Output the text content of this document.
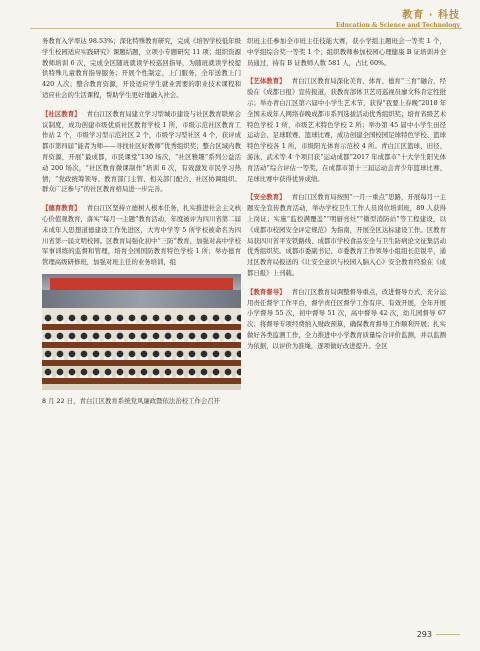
教育 · 科技
Education & Science and Technology

务教育入学率达 98.53%；深化特殊教育研究，完成《培智学校低年级学生校园适应实践研究》课题结题，立项小专题研究 11 项；组织资源教师培训 6 次，完成全区随班就读学校巡回指导，为随班就读学校提供特殊儿童教育指导服务；开展个性制定、上门服务，全年送教上门 420 人次；整合教育资源，开设适应学生就业需要的职业技术课程和适应社会的生活课程，帮助学生更好地融入社会。

【社区教育】 青白江区教育局建立学习型城市建设与社区教育联席会议制度，成功创建市级优质社区教育学校 1 所，市级示范社区教育工作站 2 个，市级学习型示范社区 2 个，市级学习型社区 4 个，获评成都市第四届“能者为师——寻找社区好教师”优秀组织奖；整合区域内教育资源，开展“最成都，市民课堂”130 场次，“社区雅趣”系列公益活动 200 场次，“社区教育微课制作”培训 6 次，有效激发市民学习热情，“党政统筹领导、教育部门主管、相关部门配合、社区协调组织、群众广泛参与”的社区教育格局进一步完善。

【德育教育】 青白江区坚持立德树人根本任务，扎实推进社会主义核心价值观教育，落实“每月一主题”教育活动，年度被评为四川省第二届未成年人思想道德建设工作先进区，大弯中学等 5 所学校被命名为四川省第一届文明校园。区教育局强化初中“三防”教育，加强对高中学校军事训练的监督和管理，培育全国国防教育特色学校 1 所；举办德育管理高级研修班，加强对班主任的业务培训，组

8 月 22 日，青白江区教育系统党风廉政暨依法治校工作会召开

织班主任参加全市班主任技能大赛，获小学组主题班会一等奖 1 个，中学组综合奖一等奖 1 个；组织教师参加校园心理健康 B 证培训并全员通过，持有 B 证教师人数 581 人，占比 60%。

【艺体教育】 青白江区教育局深化美育、体育、德育“三育”融合，经验在《成都日报》宣传报道，获教育部体卫艺司巡视员廖文科肯定性批示；举办青白江区第六届中小学生艺术节，获得“我要上春晚”2018 年全国未成年人网络春晚成都市系列选拔活动优秀组织奖；培育省级艺术特色学校 1 所，市级艺术特色学校 2 所；举办第 45 届中小学生田径运动会、足球联赛、篮球比赛，成功创建全国校园足球特色学校、篮球特色学校各 1 所，市级阳光体育示范校 4 所。青白江区篮球、田径、游泳、武术等 4 个项目获“运动成都”2017 年成都市“十大学生阳光体育活动”综合评估一等奖，在成都市第十三届运动会青少年篮球比赛、足球比赛中获得优异成绩。

【安全教育】 青白江区教育局按照“一月一重点”思路，开展每月一主题安全宣传教育活动，举办学校卫生工作人员岗位培训班，89 人获得上岗证；实施“监控满覆盖”“明厨亮灶”“微型消防站”等工程建设，以《成都市校园安全评定规范》为指南，开展全区达标建设工作。区教育局获四川省平安铁路线、成都市学校食品安全与卫生防病论文征集活动优秀组织奖。成都市委副书记、市委教育工作领导小组组长范锐平，通过区教育局报送的《让安全意识与校园入脑入心》安全教育经验在《成都日报》上刊载。

【教育督导】 青白江区教育局调整督导重点，改进督导方式，充分运用责任督学工作平台，督学责任区督学工作有序、有效开展，全年开展小学督导 55 次，初中督导 51 次，高中督导 42 次，幼儿园督导 67 次；将督导专项经费纳入财政预算，确保教育督导工作顺利开展；扎实做好各类监测工作，全力推进中小学教育质量综合评价监测，并以监测为依据，以评价为准绳，逐项做好改进提升。全区

293
